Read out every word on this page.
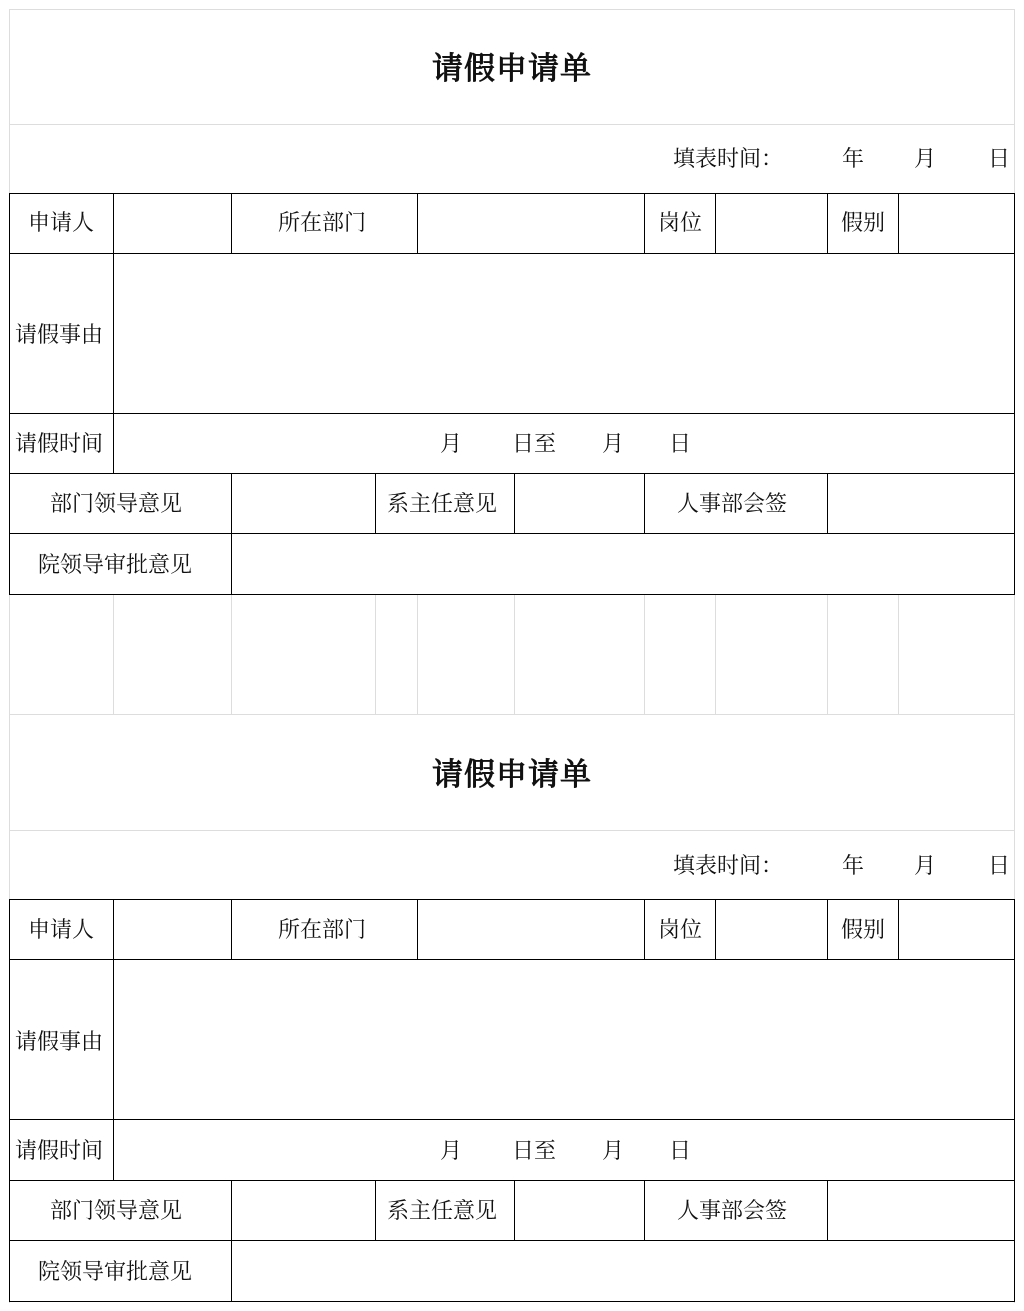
请假申请单
填表时间：	年 月 日
申请人	所在部门	岗位	假别
请假事由
请假时间	月 日至 月 日
部门领导意见	系主任意见	人事部会签
院领导审批意见
请假申请单
填表时间：	年 月 日
申请人	所在部门	岗位	假别
请假事由
请假时间	月 日至 月 日
部门领导意见	系主任意见	人事部会签
院领导审批意见
